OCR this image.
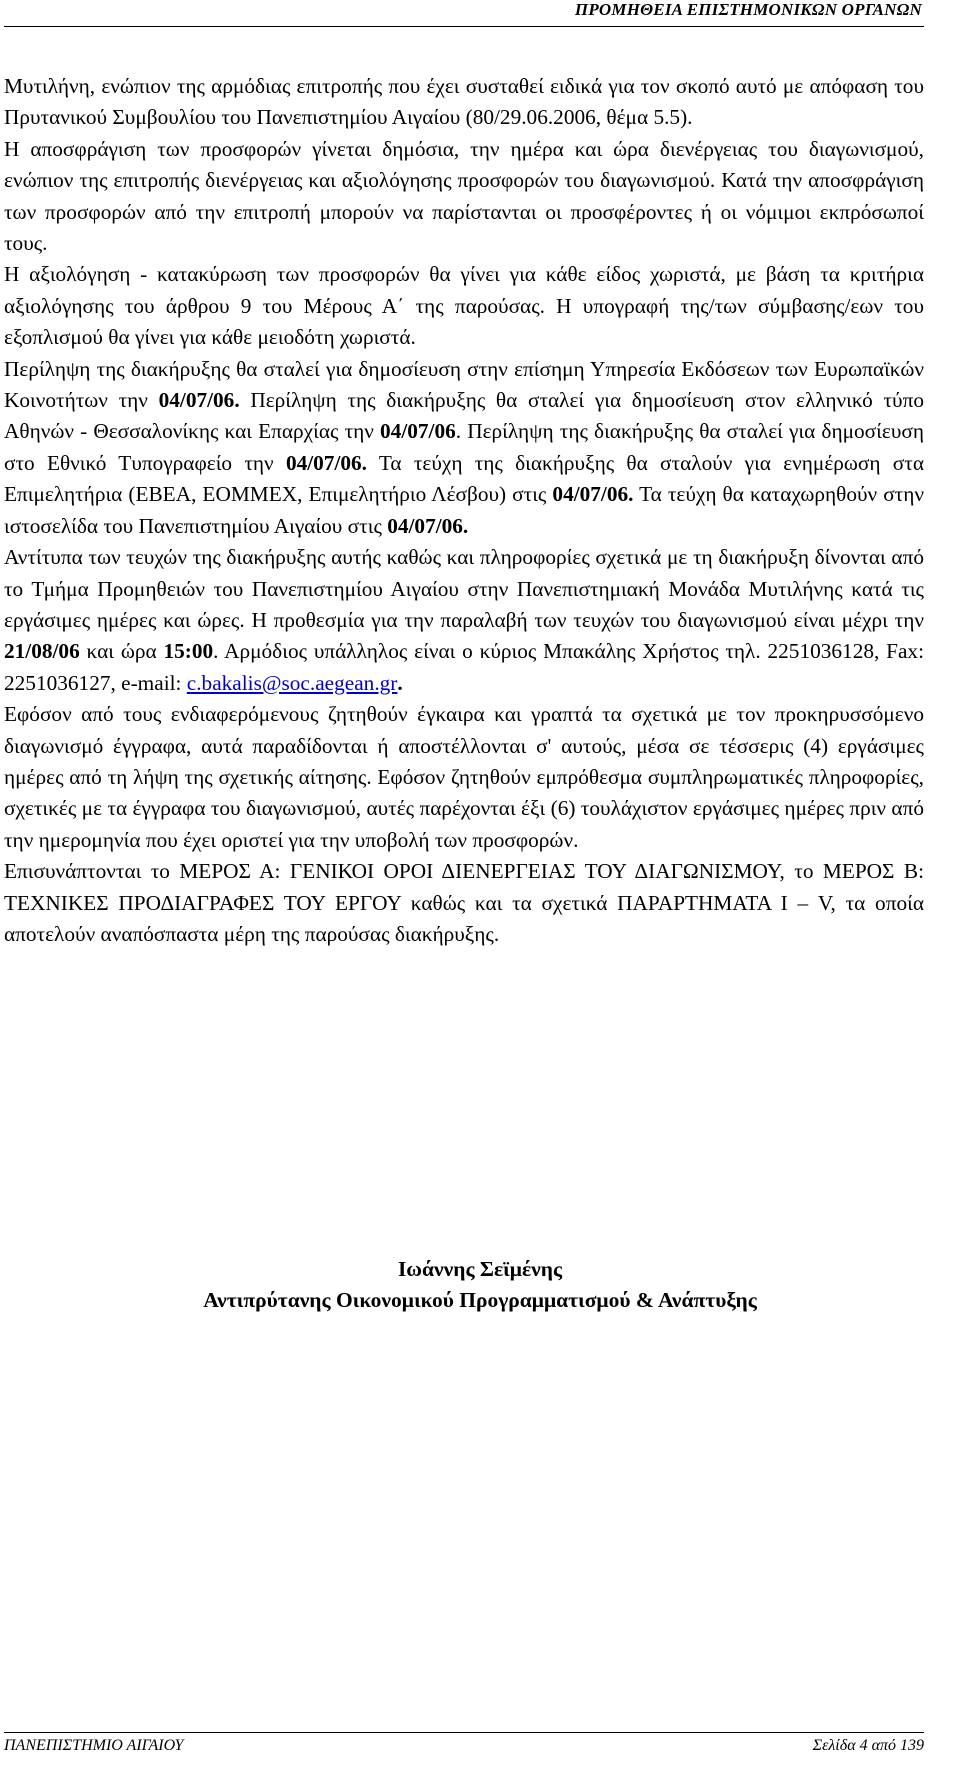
ΠΡΟΜΗΘΕΙΑ ΕΠΙΣΤΗΜΟΝΙΚΩΝ ΟΡΓΑΝΩΝ

Μυτιλήνη, ενώπιον της αρμόδιας επιτροπής που έχει συσταθεί ειδικά για τον σκοπό αυτό με απόφαση του Πρυτανικού Συμβουλίου του Πανεπιστημίου Αιγαίου (80/29.06.2006, θέμα 5.5).

Η αποσφράγιση των προσφορών γίνεται δημόσια, την ημέρα και ώρα διενέργειας του διαγωνισμού, ενώπιον της επιτροπής διενέργειας και αξιολόγησης προσφορών του διαγωνισμού. Κατά την αποσφράγιση των προσφορών από την επιτροπή μπορούν να παρίστανται οι προσφέροντες ή οι νόμιμοι εκπρόσωποί τους.

Η αξιολόγηση - κατακύρωση των προσφορών θα γίνει για κάθε είδος χωριστά, με βάση τα κριτήρια αξιολόγησης του άρθρου 9 του Μέρους Α΄ της παρούσας. Η υπογραφή της/των σύμβασης/εων του εξοπλισμού θα γίνει για κάθε μειοδότη χωριστά.

Περίληψη της διακήρυξης θα σταλεί για δημοσίευση στην επίσημη Υπηρεσία Εκδόσεων των Ευρωπαϊκών Κοινοτήτων την 04/07/06. Περίληψη της διακήρυξης θα σταλεί για δημοσίευση στον ελληνικό τύπο Αθηνών - Θεσσαλονίκης και Επαρχίας την 04/07/06. Περίληψη της διακήρυξης θα σταλεί για δημοσίευση στο Εθνικό Τυπογραφείο την 04/07/06. Τα τεύχη της διακήρυξης θα σταλούν για ενημέρωση στα Επιμελητήρια (ΕΒΕΑ, ΕΟΜΜΕΧ, Επιμελητήριο Λέσβου) στις 04/07/06. Τα τεύχη θα καταχωρηθούν στην ιστοσελίδα του Πανεπιστημίου Αιγαίου στις 04/07/06.

Αντίτυπα των τευχών της διακήρυξης αυτής καθώς και πληροφορίες σχετικά με τη διακήρυξη δίνονται από το Τμήμα Προμηθειών του Πανεπιστημίου Αιγαίου στην Πανεπιστημιακή Μονάδα Μυτιλήνης κατά τις εργάσιμες ημέρες και ώρες. Η προθεσμία για την παραλαβή των τευχών του διαγωνισμού είναι μέχρι την 21/08/06 και ώρα 15:00. Αρμόδιος υπάλληλος είναι ο κύριος Μπακάλης Χρήστος τηλ. 2251036128, Fax: 2251036127, e-mail: c.bakalis@soc.aegean.gr.

Εφόσον από τους ενδιαφερόμενους ζητηθούν έγκαιρα και γραπτά τα σχετικά με τον προκηρυσσόμενο διαγωνισμό έγγραφα, αυτά παραδίδονται ή αποστέλλονται σ' αυτούς, μέσα σε τέσσερις (4) εργάσιμες ημέρες από τη λήψη της σχετικής αίτησης. Εφόσον ζητηθούν εμπρόθεσμα συμπληρωματικές πληροφορίες, σχετικές με τα έγγραφα του διαγωνισμού, αυτές παρέχονται έξι (6) τουλάχιστον εργάσιμες ημέρες πριν από την ημερομηνία που έχει οριστεί για την υποβολή των προσφορών.

Επισυνάπτονται το ΜΕΡΟΣ Α: ΓΕΝΙΚΟΙ ΟΡΟΙ ΔΙΕΝΕΡΓΕΙΑΣ ΤΟΥ ΔΙΑΓΩΝΙΣΜΟΥ, το ΜΕΡΟΣ Β: ΤΕΧΝΙΚΕΣ ΠΡΟΔΙΑΓΡΑΦΕΣ ΤΟΥ ΕΡΓΟΥ καθώς και τα σχετικά ΠΑΡΑΡΤΗΜΑΤΑ Ι – V, τα οποία αποτελούν αναπόσπαστα μέρη της παρούσας διακήρυξης.

Ιωάννης Σεϊμένης
Αντιπρύτανης Οικονομικού Προγραμματισμού & Ανάπτυξης
ΠΑΝΕΠΙΣΤΗΜΙΟ ΑΙΓΑΙΟΥ	Σελίδα 4 από 139
